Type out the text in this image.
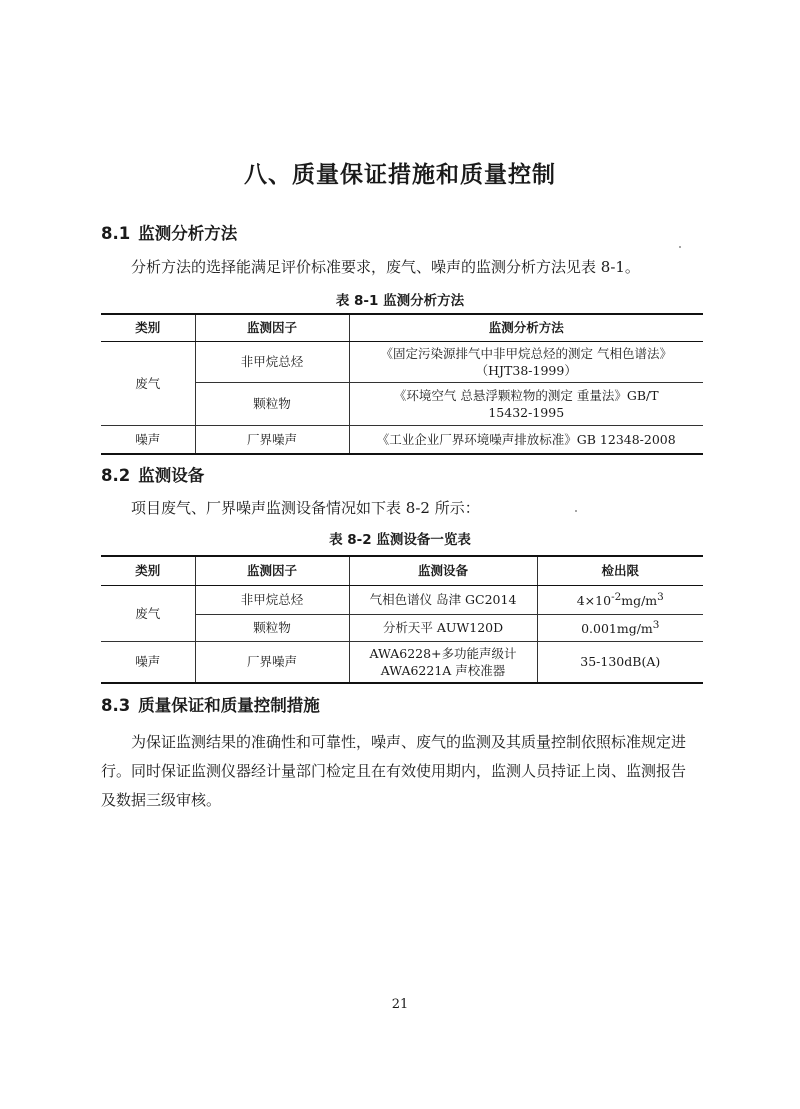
八、质量保证措施和质量控制
8.1 监测分析方法
分析方法的选择能满足评价标准要求，废气、噪声的监测分析方法见表 8-1。
表 8-1 监测分析方法
类别	监测因子	监测分析方法
废气	非甲烷总烃	《固定污染源排气中非甲烷总烃的测定 气相色谱法》
（HJT38-1999）

	颗粒物	《环境空气 总悬浮颗粒物的测定 重量法》GB/T
15432-1995

噪声	厂界噪声	《工业企业厂界环境噪声排放标准》GB 12348-2008
8.2 监测设备
项目废气、厂界噪声监测设备情况如下表 8-2 所示：
表 8-2 监测设备一览表
类别	监测因子	监测设备	检出限
废气	非甲烷总烃	气相色谱仪 岛津 GC2014	$4\times 10^{-2}mg/m^3$
	颗粒物	分析天平 AUW120D	$0.001mg/m^3$
噪声	厂界噪声	AWA6228+多功能声级计
AWA6221A 声校准器	35-130dB(A)
8.3 质量保证和质量控制措施
为保证监测结果的准确性和可靠性，噪声、废气的监测及其质量控制依照标准规定进行。同时保证监测仪器经计量部门检定且在有效使用期内，监测人员持证上岗、监测报告及数据三级审核。
21
